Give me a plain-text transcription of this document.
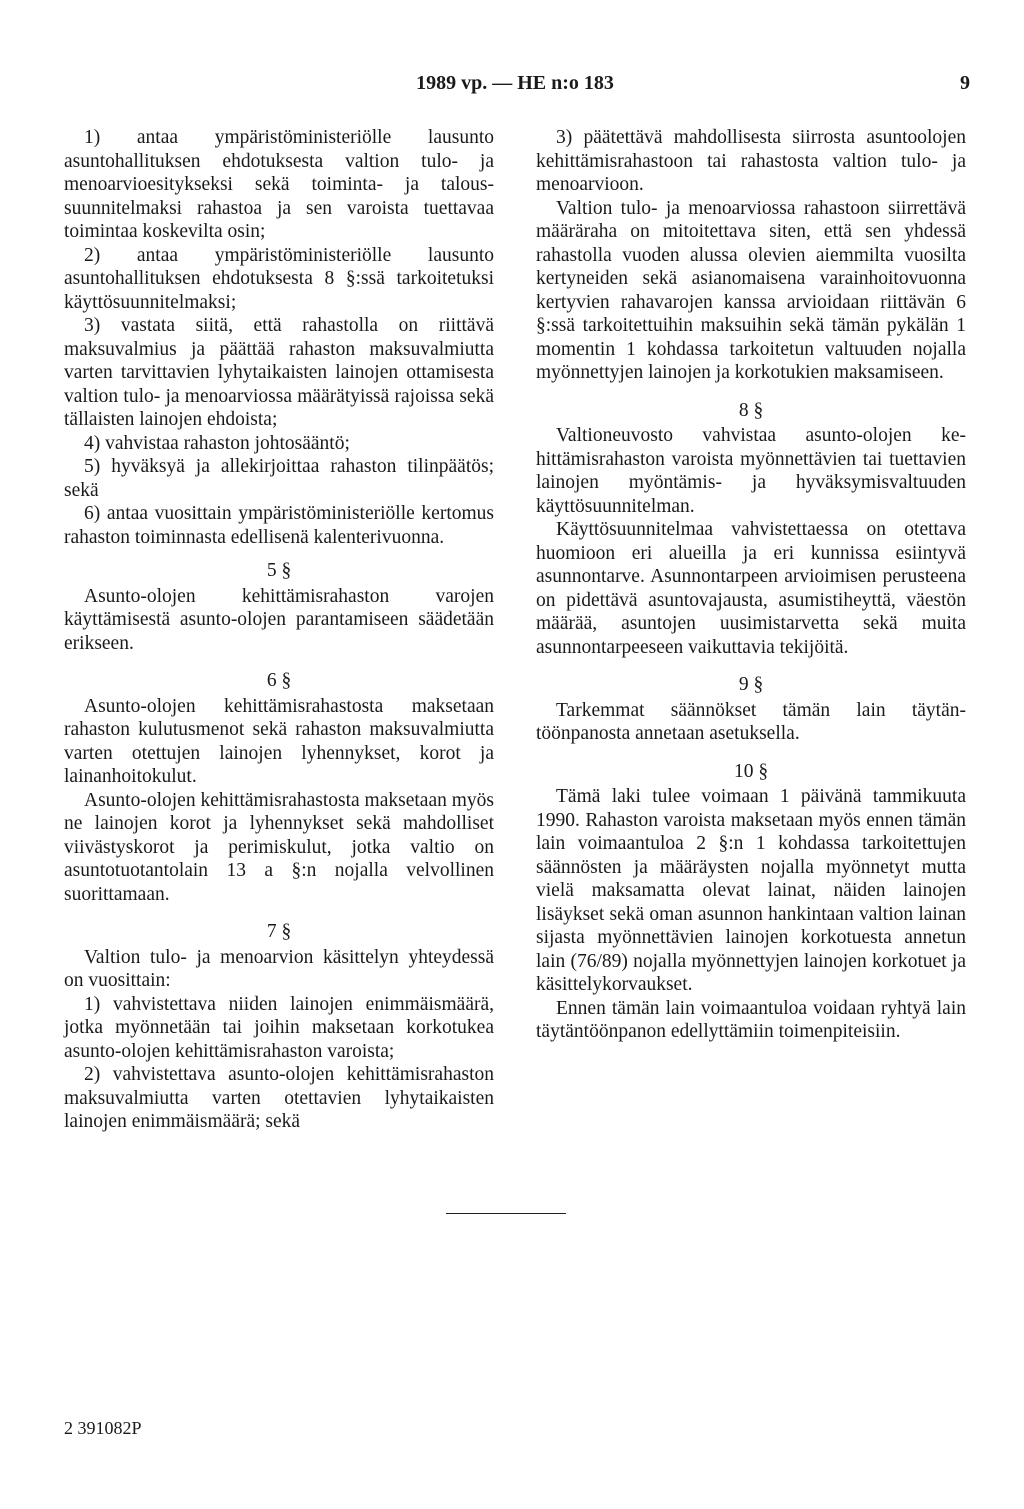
1989 vp. — HE n:o 183	9

1) antaa ympäristöministeriölle lausunto asuntohallituksen ehdotuksesta valtion tulo- ja menoarvioesitykseksi sekä toiminta- ja taloussuunnitelmaksi rahastoa ja sen varoista tuettavaa toimintaa koskevilta osin;

2) antaa ympäristöministeriölle lausunto asuntohallituksen ehdotuksesta 8 §:ssä tarkoitetuksi käyttösuunnitelmaksi;

3) vastata siitä, että rahastolla on riittävä maksuvalmius ja päättää rahaston maksuvalmiutta varten tarvittavien lyhytaikaisten lainojen ottamisesta valtion tulo- ja menoarviossa määrätyissä rajoissa sekä tällaisten lainojen ehdoista;

4) vahvistaa rahaston johtosääntö;

5) hyväksyä ja allekirjoittaa rahaston tilinpäätös; sekä

6) antaa vuosittain ympäristöministeriölle kertomus rahaston toiminnasta edellisenä kalenterivuonna.

5 §

Asunto-olojen kehittämisrahaston varojen käyttämisestä asunto-olojen parantamiseen säädetään erikseen.

6 §

Asunto-olojen kehittämisrahastosta maksetaan rahaston kulutusmenot sekä rahaston maksuvalmiutta varten otettujen lainojen lyhennykset, korot ja lainanhoitokulut.

Asunto-olojen kehittämisrahastosta maksetaan myös ne lainojen korot ja lyhennykset sekä mahdolliset viivästyskorot ja perimiskulut, jotka valtio on asuntotuotantolain 13 a §:n nojalla velvollinen suorittamaan.

7 §

Valtion tulo- ja menoarvion käsittelyn yhteydessä on vuosittain:

1) vahvistettava niiden lainojen enimmäismäärä, jotka myönnetään tai joihin maksetaan korkotukea asunto-olojen kehittämisrahaston varoista;

2) vahvistettava asunto-olojen kehittämisrahaston maksuvalmiutta varten otettavien lyhytaikaisten lainojen enimmäismäärä; sekä

3) päätettävä mahdollisesta siirrosta asuntoolojen kehittämisrahastoon tai rahastosta valtion tulo- ja menoarvioon.

Valtion tulo- ja menoarviossa rahastoon siirrettävä määräraha on mitoitettava siten, että sen yhdessä rahastolla vuoden alussa olevien aiemmilta vuosilta kertyneiden sekä asianomaisena varainhoitovuonna kertyvien rahavarojen kanssa arvioidaan riittävän 6 §:ssä tarkoitettuihin maksuihin sekä tämän pykälän 1 momentin 1 kohdassa tarkoitetun valtuuden nojalla myönnettyjen lainojen ja korkotukien maksamiseen.

8 §

Valtioneuvosto vahvistaa asunto-olojen kehittämisrahaston varoista myönnettävien tai tuettavien lainojen myöntämis- ja hyväksymisvaltuuden käyttösuunnitelman.

Käyttösuunnitelmaa vahvistettaessa on otettava huomioon eri alueilla ja eri kunnissa esiintyvä asunnontarve. Asunnontarpeen arvioimisen perusteena on pidettävä asuntovajausta, asumistiheyttä, väestön määrää, asuntojen uusimistarvetta sekä muita asunnontarpeeseen vaikuttavia tekijöitä.

9 §

Tarkemmat säännökset tämän lain täytäntöönpanosta annetaan asetuksella.

10 §

Tämä laki tulee voimaan 1 päivänä tammikuuta 1990. Rahaston varoista maksetaan myös ennen tämän lain voimaantuloa 2 §:n 1 kohdassa tarkoitettujen säännösten ja määräysten nojalla myönnetyt mutta vielä maksamatta olevat lainat, näiden lainojen lisäykset sekä oman asunnon hankintaan valtion lainan sijasta myönnettävien lainojen korkotuesta annetun lain (76/89) nojalla myönnettyjen lainojen korkotuet ja käsittelykorvaukset.

Ennen tämän lain voimaantuloa voidaan ryhtyä lain täytäntöönpanon edellyttämiin toimenpiteisiin.

2 391082P
